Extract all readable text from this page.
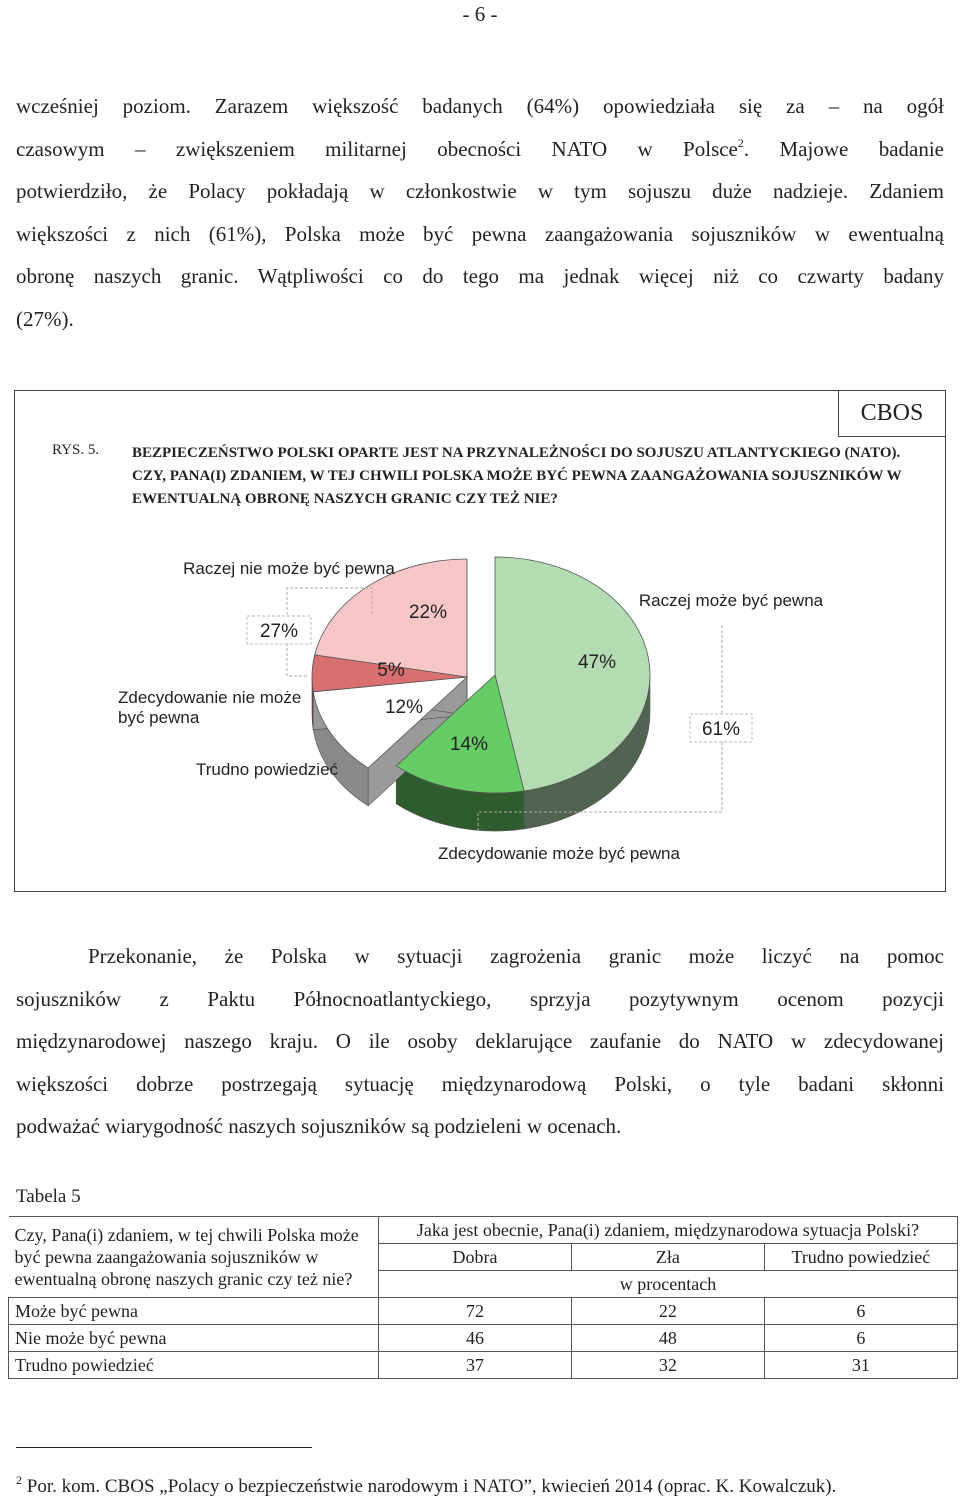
- 6 -
wcześniej poziom. Zarazem większość badanych (64%) opowiedziała się za – na ogół
czasowym – zwiększeniem militarnej obecności NATO w Polsce$^2$. Majowe badanie
potwierdziło, że Polacy pokładają w członkostwie w tym sojuszu duże nadzieje. Zdaniem
większości z nich (61%), Polska może być pewna zaangażowania sojuszników w ewentualną
obronę naszych granic. Wątpliwości co do tego ma jednak więcej niż co czwarty badany
(27%).
CBOS
RYS. 5. BEZPIECZEŃSTWO POLSKI OPARTE JEST NA PRZYNALEŻNOŚCI DO SOJUSZU ATLANTYCKIEGO (NATO). CZY, PANA(I) ZDANIEM, W TEJ CHWILI POLSKA MOŻE BYĆ PEWNA ZAANGAŻOWANIA SOJUSZNIKÓW W EWENTUALNĄ OBRONĘ NASZYCH GRANIC CZY TEŻ NIE?
47%
14%
12%
5%
22%
Raczej nie może być pewna
Raczej może być pewna
Zdecydowanie nie może
być pewna
Trudno powiedzieć
Zdecydowanie może być pewna
27%
61%
Przekonanie, że Polska w sytuacji zagrożenia granic może liczyć na pomoc
sojuszników z Paktu Północnoatlantyckiego, sprzyja pozytywnym ocenom pozycji
międzynarodowej naszego kraju. O ile osoby deklarujące zaufanie do NATO w zdecydowanej
większości dobrze postrzegają sytuację międzynarodową Polski, o tyle badani skłonni
podważać wiarygodność naszych sojuszników są podzieleni w ocenach.
Tabela 5
Czy, Pana(i) zdaniem, w tej chwili Polska może być pewna zaangażowania sojuszników w ewentualną obronę naszych granic czy też nie?	Jaka jest obecnie, Pana(i) zdaniem, międzynarodowa sytuacja Polski?		
	Dobra	Zła	Trudno powiedzieć
	w procentach		
Może być pewna	72	22	6
Nie może być pewna	46	48	6
Trudno powiedzieć	37	32	31
$^2$ Por. kom. CBOS „Polacy o bezpieczeństwie narodowym i NATO”, kwiecień 2014 (oprac. K. Kowalczuk).
